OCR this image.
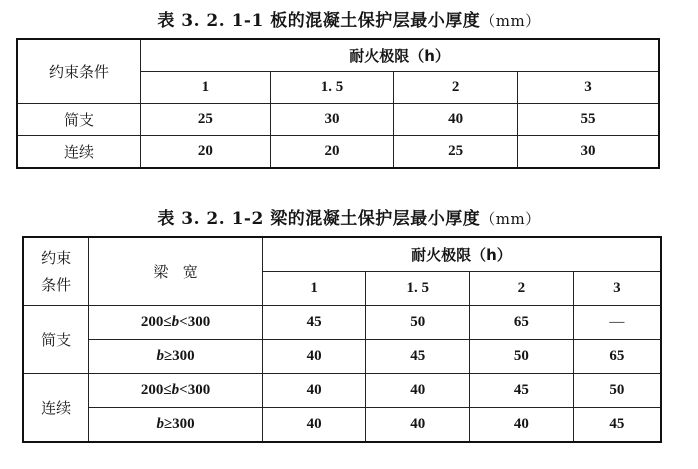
表 3. 2. 1-1 板的混凝土保护层最小厚度（mm）
约束条件	耐火极限（h）			
	1	1. 5	2	3
简支	25	30	40	55
连续	20	20	25	30
表 3. 2. 1-2 梁的混凝土保护层最小厚度（mm）
约束
条件	梁   宽	耐火极限（h）			
		1	1. 5	2	3
简支	200≤b<300	45	50	65	—
	b≥300	40	45	50	65
连续	200≤b<300	40	40	45	50
	b≥300	40	40	40	45
